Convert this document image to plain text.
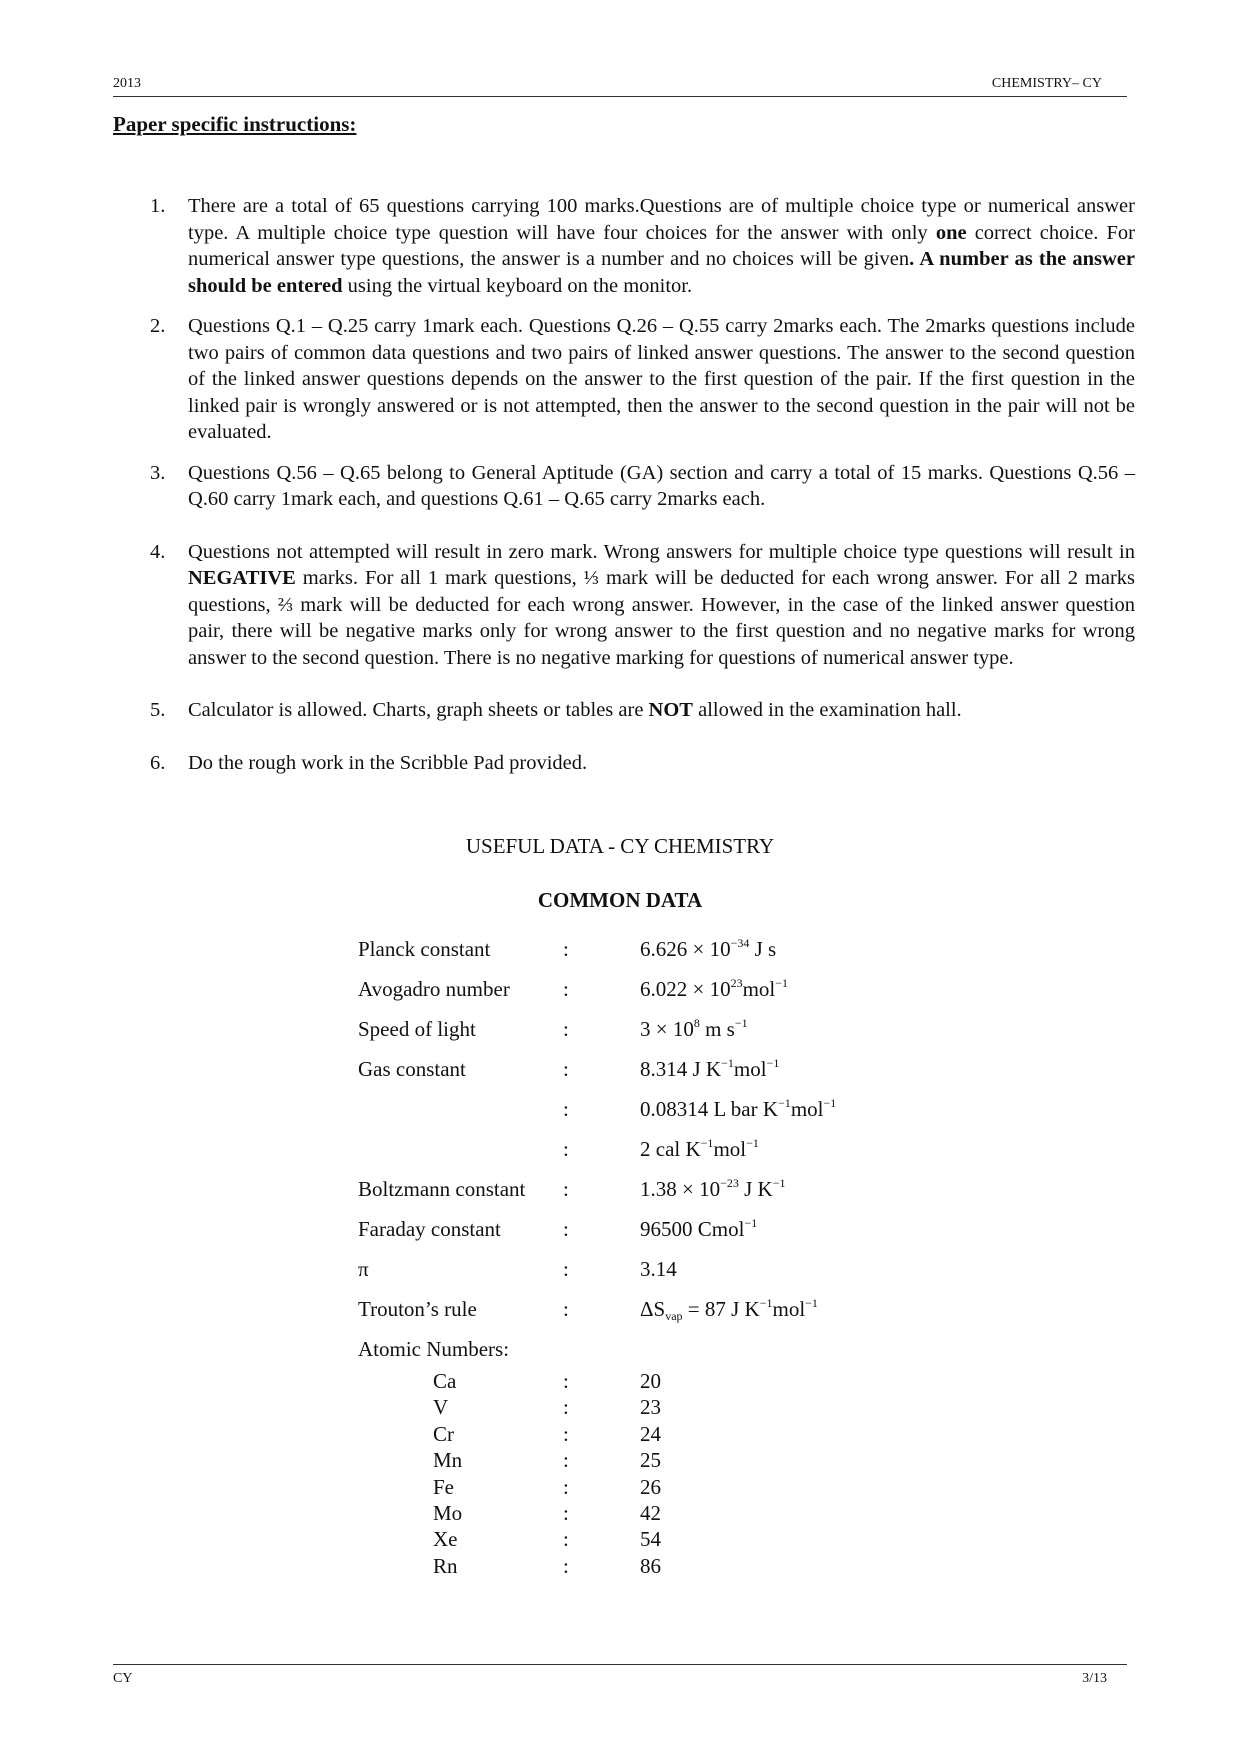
2013	CHEMISTRY– CY
Paper specific instructions:
1. There are a total of 65 questions carrying 100 marks.Questions are of multiple choice type or numerical answer type. A multiple choice type question will have four choices for the answer with only one correct choice. For numerical answer type questions, the answer is a number and no choices will be given. A number as the answer should be entered using the virtual keyboard on the monitor.
2. Questions Q.1 – Q.25 carry 1mark each. Questions Q.26 – Q.55 carry 2marks each. The 2marks questions include two pairs of common data questions and two pairs of linked answer questions. The answer to the second question of the linked answer questions depends on the answer to the first question of the pair. If the first question in the linked pair is wrongly answered or is not attempted, then the answer to the second question in the pair will not be evaluated.
3. Questions Q.56 – Q.65 belong to General Aptitude (GA) section and carry a total of 15 marks. Questions Q.56 – Q.60 carry 1mark each, and questions Q.61 – Q.65 carry 2marks each.
4. Questions not attempted will result in zero mark. Wrong answers for multiple choice type questions will result in NEGATIVE marks. For all 1 mark questions, ⅓ mark will be deducted for each wrong answer. For all 2 marks questions, ⅔ mark will be deducted for each wrong answer. However, in the case of the linked answer question pair, there will be negative marks only for wrong answer to the first question and no negative marks for wrong answer to the second question. There is no negative marking for questions of numerical answer type.
5. Calculator is allowed. Charts, graph sheets or tables are NOT allowed in the examination hall.
6. Do the rough work in the Scribble Pad provided.
USEFUL DATA - CY CHEMISTRY
COMMON DATA
Planck constant	:	$6.626 \times 10^{-34}$ J s
Avogadro number	:	$6.022 \times 10^{23}mol^{-1}$
Speed of light	:	$3 \times 10^8$ m $s^{-1}$
Gas constant	:	8.314 J $K^{-1}mol^{-1}$
:	0.08314 L bar $K^{-1}mol^{-1}$
:	2 cal $K^{-1}mol^{-1}$
Boltzmann constant :	$1.38 \times 10^{-23}$ J $K^{-1}$
Faraday constant	:	96500 Cmol$^{-1}$
π	:	3.14
Trouton’s rule	:	$\Delta S_{vap} = 87$ J $K^{-1}mol^{-1}$
Atomic Numbers:
Ca	:	20
V	:	23
Cr	:	24
Mn	:	25
Fe	:	26
Mo	:	42
Xe	:	54
Rn	:	86
CY	3/13
